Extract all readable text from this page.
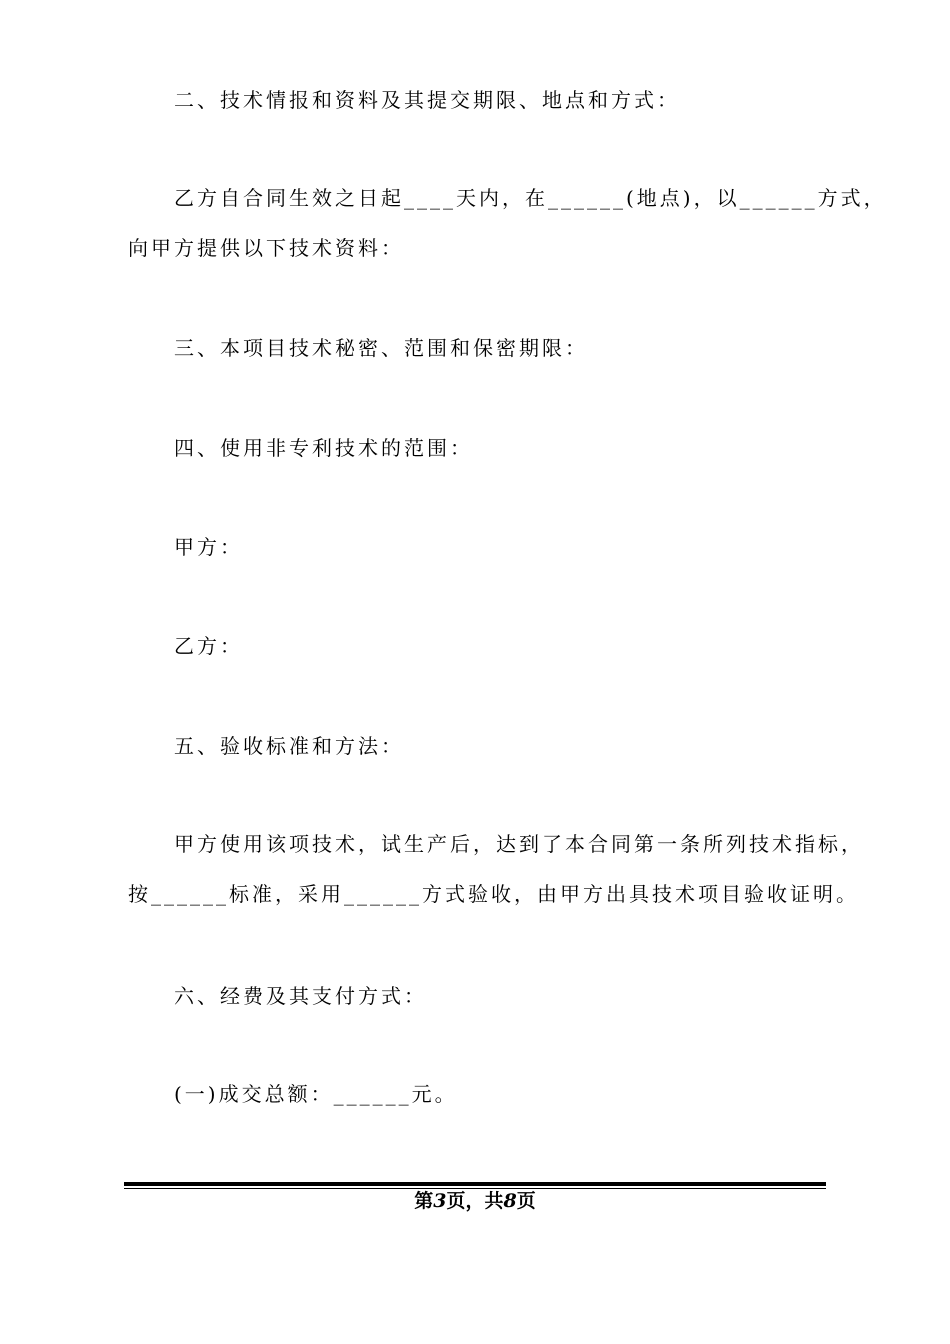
二、技术情报和资料及其提交期限、地点和方式：
乙方自合同生效之日起____天内，在______(地点)，以______方式，
向甲方提供以下技术资料：
三、本项目技术秘密、范围和保密期限：
四、使用非专利技术的范围：
甲方：
乙方：
五、验收标准和方法：
甲方使用该项技术，试生产后，达到了本合同第一条所列技术指标，
按______标准，采用______方式验收，由甲方出具技术项目验收证明。
六、经费及其支付方式：
(一)成交总额：______元。
第3页，共8页
